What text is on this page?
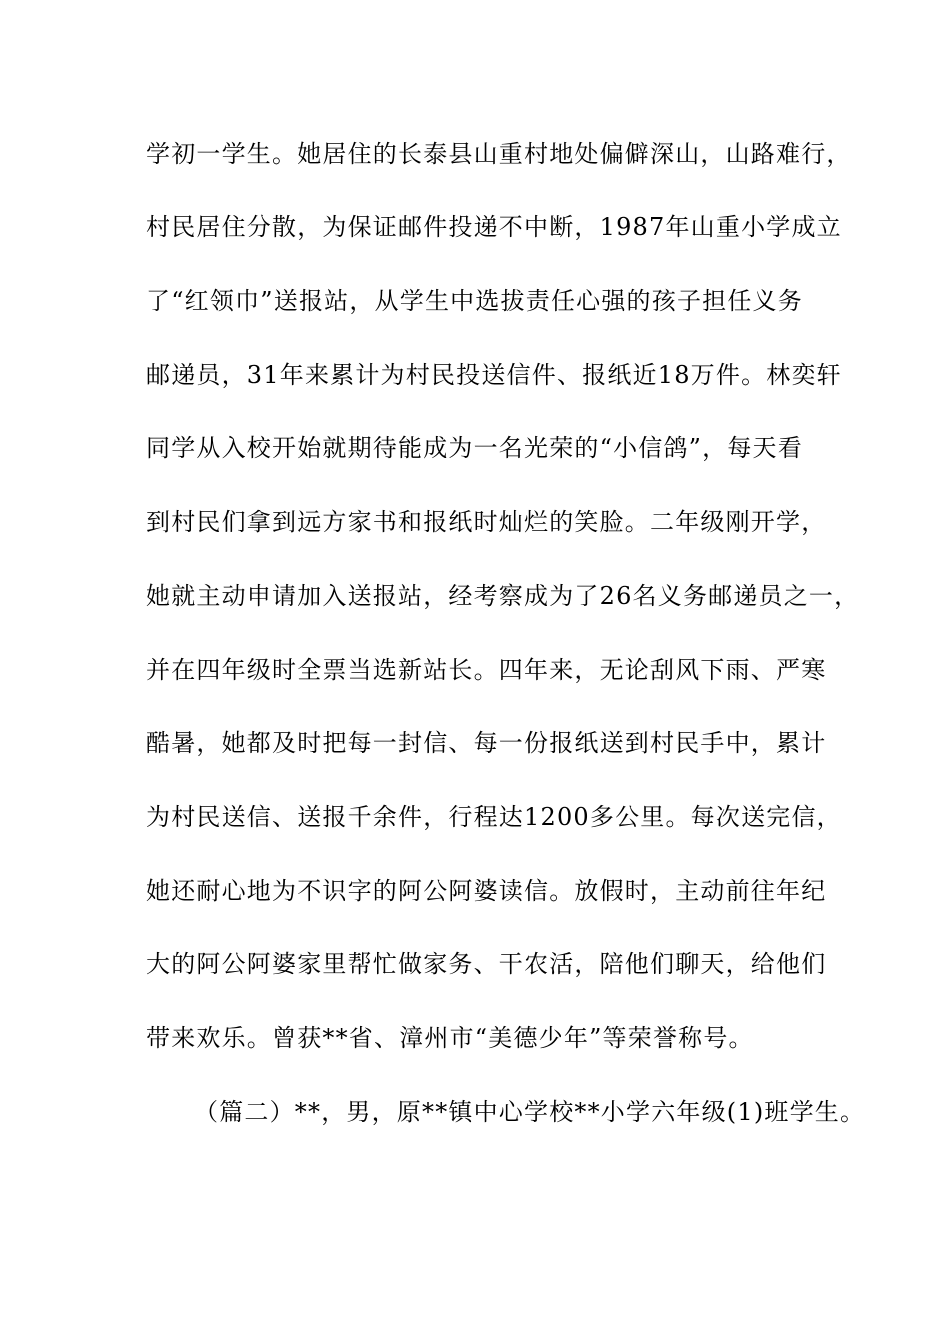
学初一学生。她居住的长泰县山重村地处偏僻深山，山路难行，

村民居住分散，为保证邮件投递不中断，1987年山重小学成立

了“红领巾”送报站，从学生中选拔责任心强的孩子担任义务

邮递员，31年来累计为村民投送信件、报纸近18万件。林奕轩

同学从入校开始就期待能成为一名光荣的“小信鸽”，每天看

到村民们拿到远方家书和报纸时灿烂的笑脸。二年级刚开学，

她就主动申请加入送报站，经考察成为了26名义务邮递员之一，

并在四年级时全票当选新站长。四年来，无论刮风下雨、严寒

酷暑，她都及时把每一封信、每一份报纸送到村民手中，累计

为村民送信、送报千余件，行程达1200多公里。每次送完信，

她还耐心地为不识字的阿公阿婆读信。放假时，主动前往年纪

大的阿公阿婆家里帮忙做家务、干农活，陪他们聊天，给他们

带来欢乐。曾获**省、漳州市“美德少年”等荣誉称号。

（篇二）**，男，原**镇中心学校**小学六年级(1)班学生。
